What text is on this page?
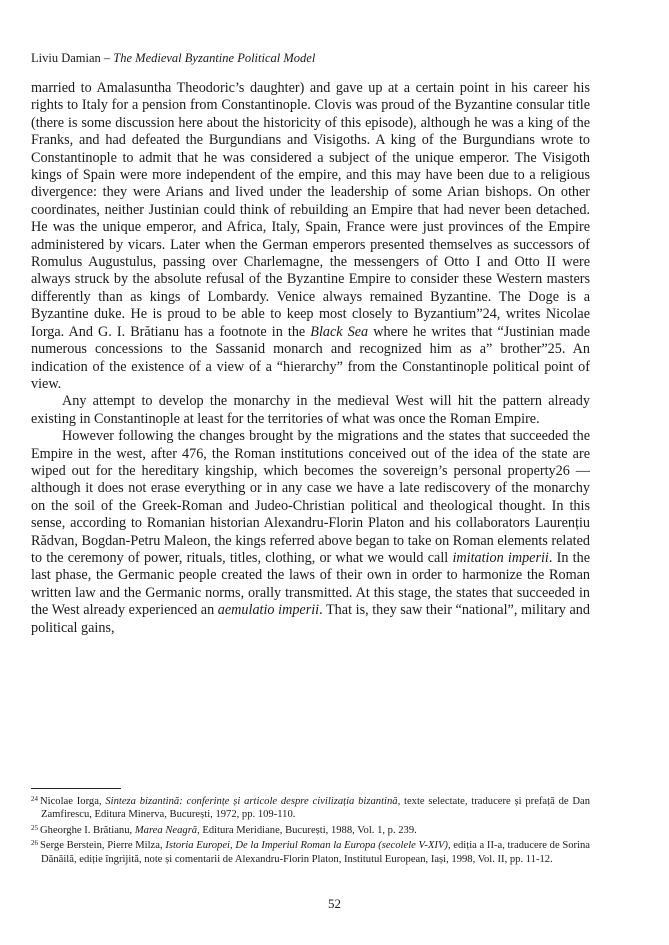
Liviu Damian – The Medieval Byzantine Political Model

married to Amalasuntha Theodoric’s daughter) and gave up at a certain point in his career his rights to Italy for a pension from Constantinople. Clovis was proud of the Byzantine consular title (there is some discussion here about the historicity of this episode), although he was a king of the Franks, and had defeated the Burgundians and Visigoths. A king of the Burgundians wrote to Constantinople to admit that he was considered a subject of the unique emperor. The Visigoth kings of Spain were more independent of the empire, and this may have been due to a religious divergence: they were Arians and lived under the leadership of some Arian bishops. On other coordinates, neither Justinian could think of rebuilding an Empire that had never been detached. He was the unique emperor, and Africa, Italy, Spain, France were just provinces of the Empire administered by vicars. Later when the German emperors presented themselves as successors of Romulus Augustulus, passing over Charlemagne, the messengers of Otto I and Otto II were always struck by the absolute refusal of the Byzantine Empire to consider these Western masters differently than as kings of Lombardy. Venice always remained Byzantine. The Doge is a Byzantine duke. He is proud to be able to keep most closely to Byzantium”24, writes Nicolae Iorga. And G. I. Brătianu has a footnote in the Black Sea where he writes that “Justinian made numerous concessions to the Sassanid monarch and recognized him as a” brother”25. An indication of the existence of a view of a “hierarchy” from the Constantinople political point of view.

Any attempt to develop the monarchy in the medieval West will hit the pattern already existing in Constantinople at least for the territories of what was once the Roman Empire.

However following the changes brought by the migrations and the states that succeeded the Empire in the west, after 476, the Roman institutions conceived out of the idea of the state are wiped out for the hereditary kingship, which becomes the sovereign’s personal property26 — although it does not erase everything or in any case we have a late rediscovery of the monarchy on the soil of the Greek-Roman and Judeo-Christian political and theological thought. In this sense, according to Romanian historian Alexandru-Florin Platon and his collaborators Laurențiu Rădvan, Bogdan-Petru Maleon, the kings referred above began to take on Roman elements related to the ceremony of power, rituals, titles, clothing, or what we would call imitation imperii. In the last phase, the Germanic people created the laws of their own in order to harmonize the Roman written law and the Germanic norms, orally transmitted. At this stage, the states that succeeded in the West already experienced an aemulatio imperii. That is, they saw their “national”, military and political gains,

$^{24}$ Nicolae Iorga, Sinteza bizantină: conferințe și articole despre civilizația bizantină, texte selectate, traducere și prefață de Dan Zamfirescu, Editura Minerva, București, 1972, pp. 109-110.

$^{25}$ Gheorghe I. Brătianu, Marea Neagră, Editura Meridiane, București, 1988, Vol. 1, p. 239.

$^{26}$ Serge Berstein, Pierre Milza, Istoria Europei, De la Imperiul Roman la Europa (secolele V-XIV), ediția a II-a, traducere de Sorina Dănăilă, ediție îngrijită, note și comentarii de Alexandru-Florin Platon, Institutul European, Iași, 1998, Vol. II, pp. 11-12.

52
